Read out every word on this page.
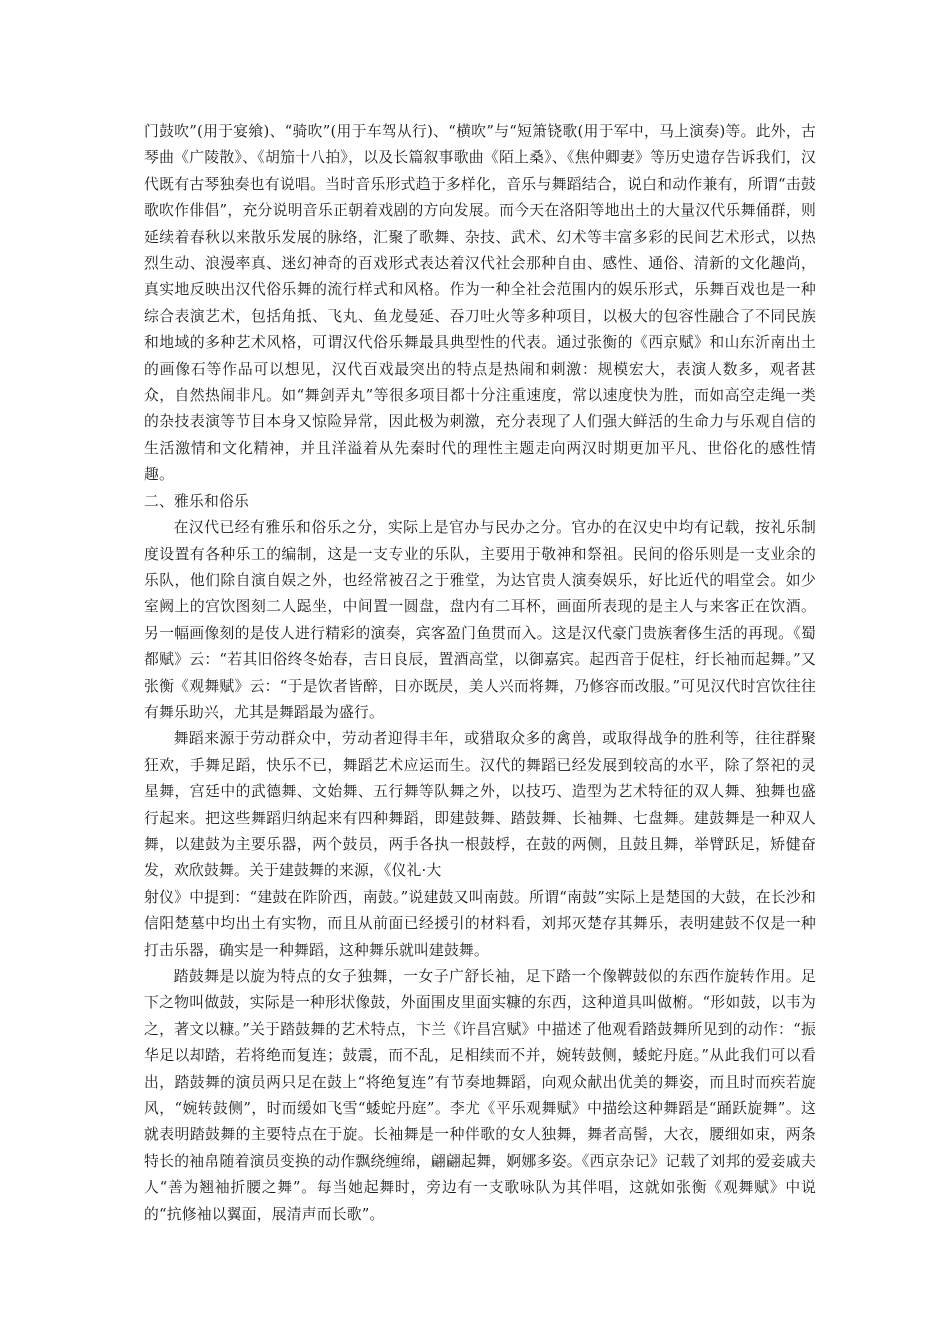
门鼓吹”(用于宴飨)、“骑吹”(用于车驾从行)、“横吹”与“短箫铙歌(用于军中，马上演奏)等。此外，古琴曲《广陵散》、《胡笳十八拍》，以及长篇叙事歌曲《陌上桑》、《焦仲卿妻》等历史遗存告诉我们，汉代既有古琴独奏也有说唱。当时音乐形式趋于多样化，音乐与舞蹈结合，说白和动作兼有，所谓“击鼓歌吹作俳倡”，充分说明音乐正朝着戏剧的方向发展。而今天在洛阳等地出土的大量汉代乐舞俑群，则延续着春秋以来散乐发展的脉络，汇聚了歌舞、杂技、武术、幻术等丰富多彩的民间艺术形式，以热烈生动、浪漫率真、迷幻神奇的百戏形式表达着汉代社会那种自由、感性、通俗、清新的文化趣尚，真实地反映出汉代俗乐舞的流行样式和风格。作为一种全社会范围内的娱乐形式，乐舞百戏也是一种综合表演艺术，包括角抵、飞丸、鱼龙曼延、吞刀吐火等多种项目，以极大的包容性融合了不同民族和地域的多种艺术风格，可谓汉代俗乐舞最具典型性的代表。通过张衡的《西京赋》和山东沂南出土的画像石等作品可以想见，汉代百戏最突出的特点是热闹和刺激：规模宏大，表演人数多，观者甚众，自然热闹非凡。如“舞剑弄丸”等很多项目都十分注重速度，常以速度快为胜，而如高空走绳一类的杂技表演等节目本身又惊险异常，因此极为刺激，充分表现了人们强大鲜活的生命力与乐观自信的生活激情和文化精神，并且洋溢着从先秦时代的理性主题走向两汉时期更加平凡、世俗化的感性情趣。

二、雅乐和俗乐

在汉代已经有雅乐和俗乐之分，实际上是官办与民办之分。官办的在汉史中均有记载，按礼乐制度设置有各种乐工的编制，这是一支专业的乐队，主要用于敬神和祭祖。民间的俗乐则是一支业余的乐队，他们除自演自娱之外，也经常被召之于雅堂，为达官贵人演奏娱乐，好比近代的唱堂会。如少室阙上的宫饮图刻二人跽坐，中间置一圆盘，盘内有二耳杯，画面所表现的是主人与来客正在饮酒。另一幅画像刻的是伎人进行精彩的演奏，宾客盈门鱼贯而入。这是汉代豪门贵族奢侈生活的再现。《蜀都赋》云：“若其旧俗终冬始春，吉日良辰，置酒高堂，以御嘉宾。起西音于促柱，纡长袖而起舞。”又张衡《观舞赋》云：“于是饮者皆醉，日亦既昃，美人兴而将舞，乃修容而改服。”可见汉代时宫饮往往有舞乐助兴，尤其是舞蹈最为盛行。

舞蹈来源于劳动群众中，劳动者迎得丰年，或猎取众多的禽兽，或取得战争的胜利等，往往群聚狂欢，手舞足蹈，快乐不已，舞蹈艺术应运而生。汉代的舞蹈已经发展到较高的水平，除了祭祀的灵星舞，宫廷中的武德舞、文始舞、五行舞等队舞之外，以技巧、造型为艺术特征的双人舞、独舞也盛行起来。把这些舞蹈归纳起来有四种舞蹈，即建鼓舞、踏鼓舞、长袖舞、七盘舞。建鼓舞是一种双人舞，以建鼓为主要乐器，两个鼓员，两手各执一根鼓桴，在鼓的两侧，且鼓且舞，举臂跃足，矫健奋发，欢欣鼓舞。关于建鼓舞的来源，《仪礼·大

射仪》中提到：“建鼓在阼阶西，南鼓。”说建鼓又叫南鼓。所谓“南鼓”实际上是楚国的大鼓，在长沙和信阳楚墓中均出土有实物，而且从前面已经援引的材料看，刘邦灭楚存其舞乐，表明建鼓不仅是一种打击乐器，确实是一种舞蹈，这种舞乐就叫建鼓舞。

踏鼓舞是以旋为特点的女子独舞，一女子广舒长袖，足下踏一个像鞞鼓似的东西作旋转作用。足下之物叫做鼓，实际是一种形状像鼓，外面围皮里面实糠的东西，这种道具叫做椨。“形如鼓，以韦为之，著文以糠。”关于踏鼓舞的艺术特点，卞兰《许昌宫赋》中描述了他观看踏鼓舞所见到的动作：“振华足以却踏，若将绝而复连；鼓震，而不乱，足相续而不并，婉转鼓侧，蜲蛇丹庭。”从此我们可以看出，踏鼓舞的演员两只足在鼓上“将绝复连”有节奏地舞蹈，向观众献出优美的舞姿，而且时而疾若旋风，“婉转鼓侧”，时而缓如飞雪“蜲蛇丹庭”。李尤《平乐观舞赋》中描绘这种舞蹈是“踊跃旋舞”。这就表明踏鼓舞的主要特点在于旋。长袖舞是一种伴歌的女人独舞，舞者高髻，大衣，腰细如束，两条特长的袖帛随着演员变换的动作飘绕缠绵，翩翩起舞，婀娜多姿。《西京杂记》记载了刘邦的爱妾戚夫人“善为翘袖折腰之舞”。每当她起舞时，旁边有一支歌咏队为其伴唱，这就如张衡《观舞赋》中说的“抗修袖以翼面，展清声而长歌”。
